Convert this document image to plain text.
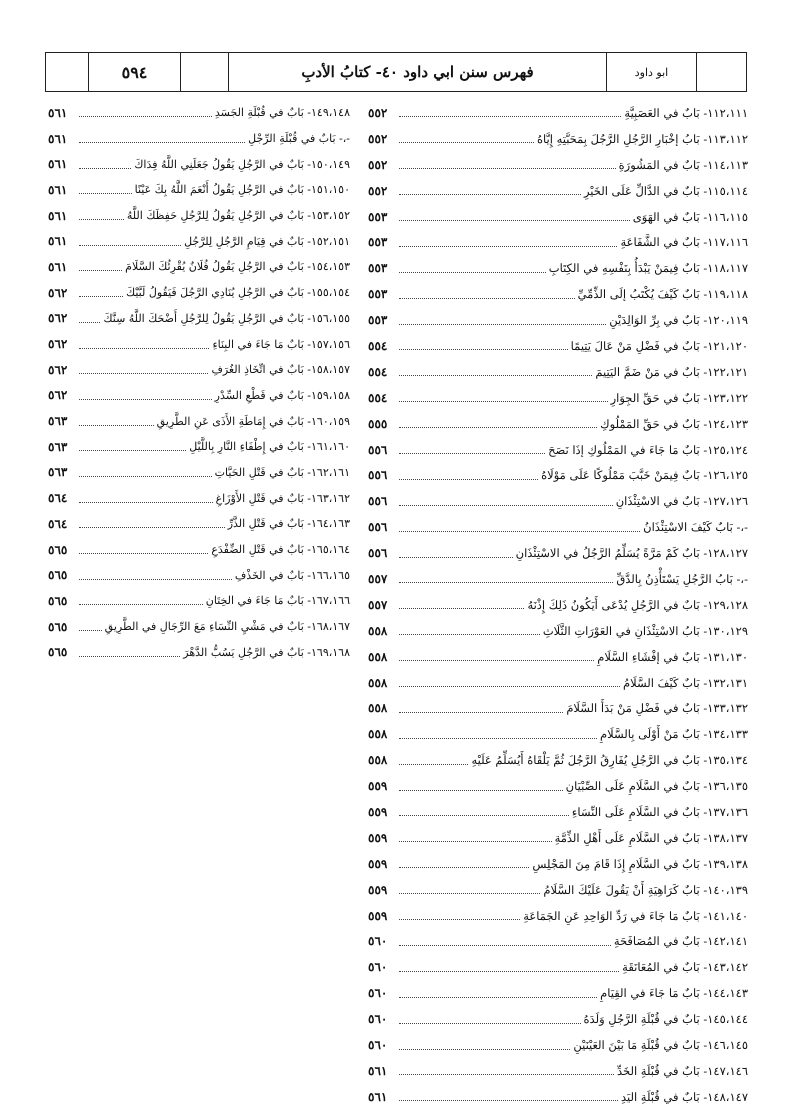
٥٩٤	فهرس سنن ابي داود ٤٠- كتابُ الأدبِ	ابو داود
١١٢،١١١- بَابٌ في العَصَبِيَّةِ
٥٥٢
١١٣،١١٢- بَابُ إخْبَارِ الرَّجُلِ الرَّجُلَ بِمَحَبَّتِهِ إِيَّاهُ
٥٥٢
١١٤،١١٣- بَابٌ في المَشُورَةِ
٥٥٢
١١٥،١١٤- بَابٌ في الدَّالِّ عَلَى الخَيْرِ
٥٥٢
١١٦،١١٥- بَابٌ في الهَوَى
٥٥٣
١١٧،١١٦- بَابٌ في الشَّفَاعَةِ
٥٥٣
١١٨،١١٧- بَابٌ فِيمَنْ يَبْدَأُ بِنَفْسِهِ في الكِتَابِ
٥٥٣
١١٩،١١٨- بَابٌ كَيْفَ يُكْتَبُ إلَى الذِّمِّيِّ
٥٥٣
١٢٠،١١٩- بَابٌ في بِرِّ الوَالِدَيْنِ
٥٥٣
١٢١،١٢٠- بَابٌ في فَضْلِ مَنْ عَالَ يَتِيمًا
٥٥٤
١٢٢،١٢١- بَابٌ في مَنْ ضَمَّ اليَتِيمَ
٥٥٤
١٢٣،١٢٢- بَابٌ في حَقِّ الجِوَارِ
٥٥٤
١٢٤،١٢٣- بَابٌ في حَقِّ المَمْلُوكِ
٥٥٥
١٢٥،١٢٤- بَابٌ مَا جَاءَ في المَمْلُوكِ إذَا نَصَحَ
٥٥٦
١٢٦،١٢٥- بَابٌ فِيمَنْ خَبَّبَ مَمْلُوكًا عَلَى مَوْلَاهُ
٥٥٦
١٢٧،١٢٦- بَابٌ في الاسْتِئْذَانِ
٥٥٦
-،- بَابٌ كَيْفَ الاسْتِئْذَانُ
٥٥٦
١٢٨،١٢٧- بَابٌ كَمْ مَرَّةً يُسَلِّمُ الرَّجُلُ في الاسْتِئْذَانِ
٥٥٦
-،- بَابُ الرَّجُلِ يَسْتَأْذِنُ بِالدَّقِّ
٥٥٧
١٢٩،١٢٨- بَابٌ في الرَّجُلِ يُدْعَى أَيَكُونُ ذَلِكَ إِذْنَهُ
٥٥٧
١٣٠،١٢٩- بَابُ الاسْتِئْذَانِ في العَوْرَاتِ الثَّلَاثِ
٥٥٨
١٣١،١٣٠- بَابٌ في إفْشَاءِ السَّلَامِ
٥٥٨
١٣٢،١٣١- بَابٌ كَيْفَ السَّلَامُ
٥٥٨
١٣٣،١٣٢- بَابٌ في فَضْلِ مَنْ بَدَأَ السَّلَامَ
٥٥٨
١٣٤،١٣٣- بَابٌ مَنْ أَوْلَى بِالسَّلَامِ
٥٥٨
١٣٥،١٣٤- بَابٌ في الرَّجُلِ يُفَارِقُ الرَّجُلَ ثُمَّ يَلْقَاهُ أَيُسَلِّمُ عَلَيْهِ
٥٥٨
١٣٦،١٣٥- بَابٌ في السَّلَامِ عَلَى الصِّبْيَانِ
٥٥٩
١٣٧،١٣٦- بَابٌ في السَّلَامِ عَلَى النِّسَاءِ
٥٥٩
١٣٨،١٣٧- بَابٌ في السَّلَامِ عَلَى أَهْلِ الذِّمَّةِ
٥٥٩
١٣٩،١٣٨- بَابٌ في السَّلَامِ إِذَا قَامَ مِنَ المَجْلِسِ
٥٥٩
١٤٠،١٣٩- بَابٌ كَرَاهِيَةِ أَنْ يَقُولَ عَلَيْكَ السَّلَامُ
٥٥٩
١٤١،١٤٠- بَابٌ مَا جَاءَ في رَدِّ الوَاحِدِ عَنِ الجَمَاعَةِ
٥٥٩
١٤٢،١٤١- بَابٌ في المُصَافَحَةِ
٥٦٠
١٤٣،١٤٢- بَابٌ في المُعَانَقَةِ
٥٦٠
١٤٤،١٤٣- بَابٌ مَا جَاءَ في القِيَامِ
٥٦٠
١٤٥،١٤٤- بَابٌ في قُبْلَةِ الرَّجُلِ وَلَدَهُ
٥٦٠
١٤٦،١٤٥- بَابٌ في قُبْلَةِ مَا بَيْنَ العَيْنَيْنِ
٥٦٠
١٤٧،١٤٦- بَابٌ في قُبْلَةِ الخَدِّ
٥٦١
١٤٨،١٤٧- بَابٌ في قُبْلَةِ اليَدِ
٥٦١
١٤٩،١٤٨- بَابٌ في قُبْلَةِ الجَسَدِ
٥٦١
-،- بَابٌ في قُبْلَةِ الرِّجْلِ
٥٦١
١٥٠،١٤٩- بَابٌ في الرَّجُلِ يَقُولُ جَعَلَنِي اللَّهُ فِدَاكَ
٥٦١
١٥١،١٥٠- بَابٌ في الرَّجُلِ يَقُولُ أَنْعَمَ اللَّهُ بِكَ عَيْنًا
٥٦١
١٥٣،١٥٢- بَابٌ في الرَّجُلِ يَقُولُ لِلرَّجُلِ حَفِظَكَ اللَّهُ
٥٦١
١٥٢،١٥١- بَابٌ في قِيَامِ الرَّجُلِ لِلرَّجُلِ
٥٦١
١٥٤،١٥٣- بَابٌ في الرَّجُلِ يَقُولُ فُلَانٌ يُقْرِئُكَ السَّلَامَ
٥٦١
١٥٥،١٥٤- بَابٌ في الرَّجُلِ يُنَادِي الرَّجُلَ فَيَقُولُ لَبَّيْكَ
٥٦٢
١٥٦،١٥٥- بَابٌ في الرَّجُلِ يَقُولُ لِلرَّجُلِ أَضْحَكَ اللَّهُ سِنَّكَ
٥٦٢
١٥٧،١٥٦- بَابٌ مَا جَاءَ في البِنَاءِ
٥٦٢
١٥٨،١٥٧- بَابٌ في اتِّخَاذِ الغُرَفِ
٥٦٢
١٥٩،١٥٨- بَابٌ في قَطْعِ السِّدْرِ
٥٦٢
١٦٠،١٥٩- بَابٌ في إِمَاطَةِ الأَذَى عَنِ الطَّرِيقِ
٥٦٣
١٦١،١٦٠- بَابٌ في إِطْفَاءِ النَّارِ بِاللَّيْلِ
٥٦٣
١٦٢،١٦١- بَابٌ في قَتْلِ الحَيَّاتِ
٥٦٣
١٦٣،١٦٢- بَابٌ في قَتْلِ الأَوْزَاغِ
٥٦٤
١٦٤،١٦٣- بَابٌ في قَتْلِ الذَّرِّ
٥٦٤
١٦٥،١٦٤- بَابٌ في قَتْلِ الضِّفْدَعِ
٥٦٥
١٦٦،١٦٥- بَابٌ في الخَذْفِ
٥٦٥
١٦٧،١٦٦- بَابٌ مَا جَاءَ في الخِتَانِ
٥٦٥
١٦٨،١٦٧- بَابٌ في مَشْيِ النِّسَاءِ مَعَ الرِّجَالِ في الطَّرِيقِ
٥٦٥
١٦٩،١٦٨- بَابٌ في الرَّجُلِ يَسُبُّ الدَّهْرَ
٥٦٥
